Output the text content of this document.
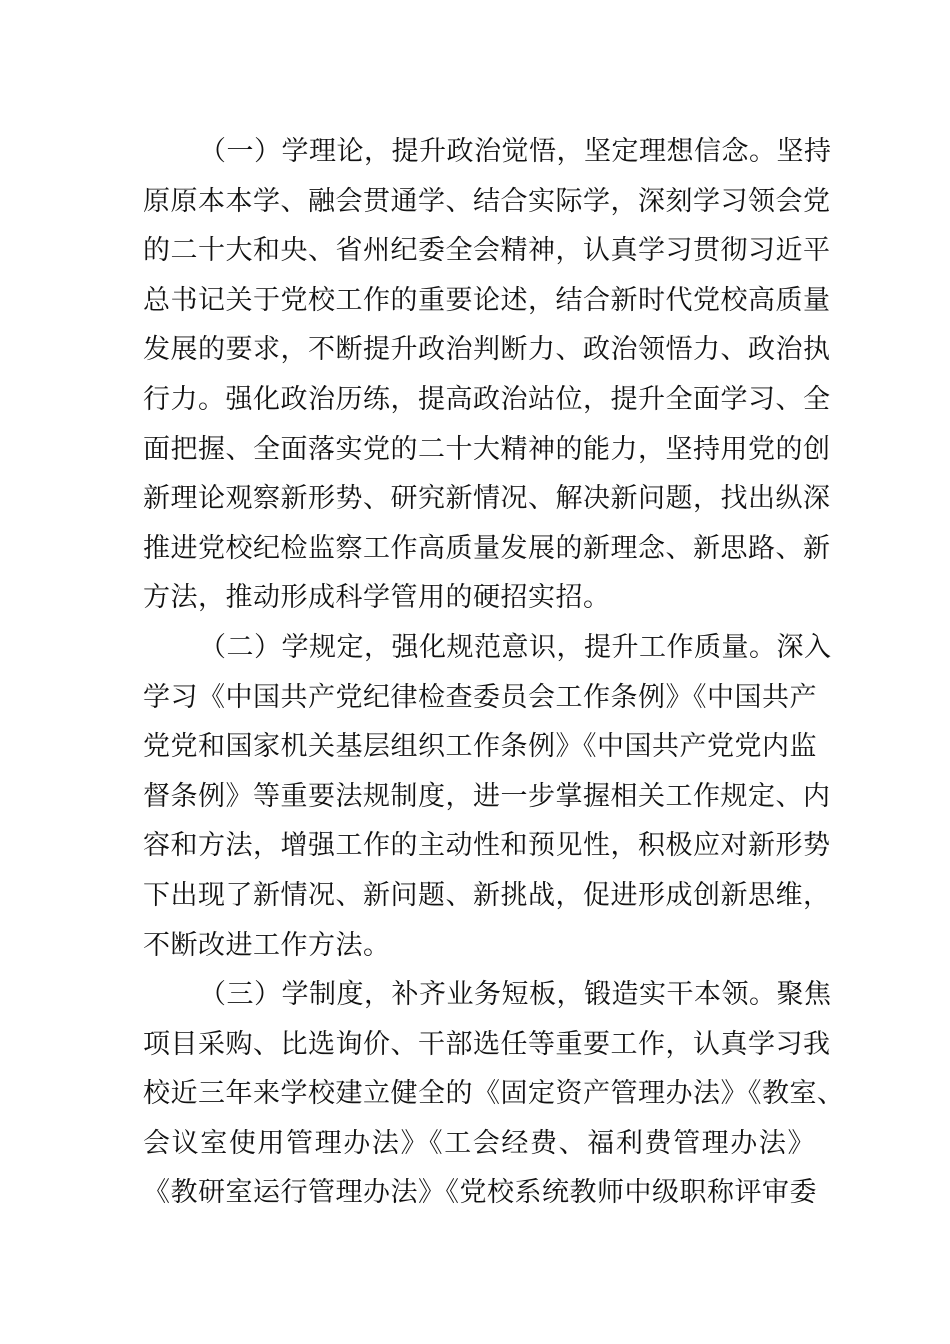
（一）学理论，提升政治觉悟，坚定理想信念。坚持
原原本本学、融会贯通学、结合实际学，深刻学习领会党
的二十大和央、省州纪委全会精神，认真学习贯彻习近平
总书记关于党校工作的重要论述，结合新时代党校高质量
发展的要求，不断提升政治判断力、政治领悟力、政治执
行力。强化政治历练，提高政治站位，提升全面学习、全
面把握、全面落实党的二十大精神的能力，坚持用党的创
新理论观察新形势、研究新情况、解决新问题，找出纵深
推进党校纪检监察工作高质量发展的新理念、新思路、新
方法，推动形成科学管用的硬招实招。
（二）学规定，强化规范意识，提升工作质量。深入
学习《中国共产党纪律检查委员会工作条例》《中国共产
党党和国家机关基层组织工作条例》《中国共产党党内监
督条例》等重要法规制度，进一步掌握相关工作规定、内
容和方法，增强工作的主动性和预见性，积极应对新形势
下出现了新情况、新问题、新挑战，促进形成创新思维，
不断改进工作方法。
（三）学制度，补齐业务短板，锻造实干本领。聚焦
项目采购、比选询价、干部选任等重要工作，认真学习我
校近三年来学校建立健全的《固定资产管理办法》《教室、
会议室使用管理办法》《工会经费、福利费管理办法》
《教研室运行管理办法》《党校系统教师中级职称评审委
